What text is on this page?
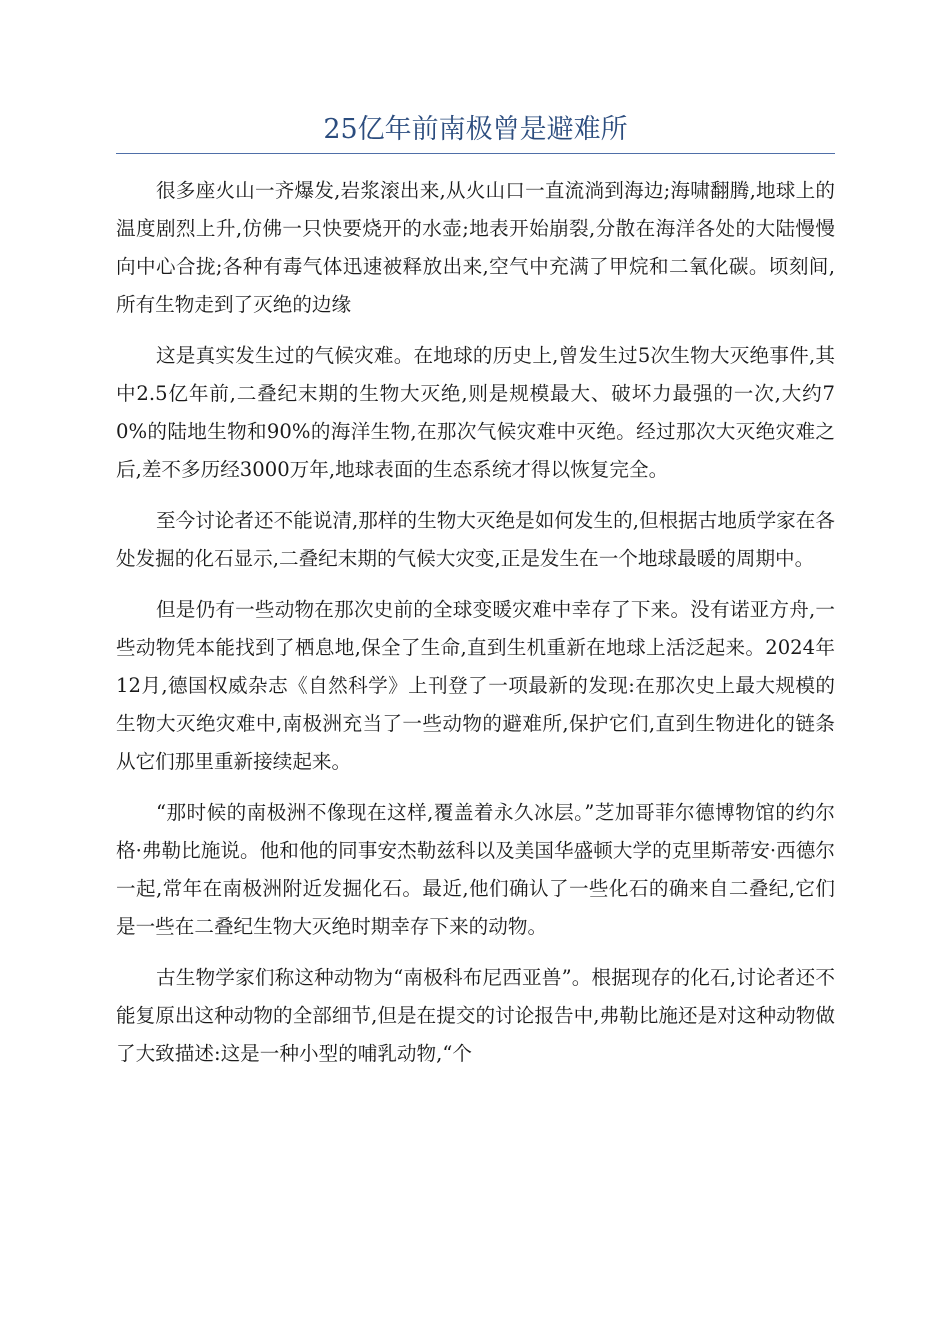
25亿年前南极曾是避难所

很多座火山一齐爆发,岩浆滚出来,从火山口一直流淌到海边;海啸翻腾,地球上的温度剧烈上升,仿佛一只快要烧开的水壶;地表开始崩裂,分散在海洋各处的大陆慢慢向中心合拢;各种有毒气体迅速被释放出来,空气中充满了甲烷和二氧化碳。顷刻间,所有生物走到了灭绝的边缘

这是真实发生过的气候灾难。在地球的历史上,曾发生过5次生物大灭绝事件,其中2.5亿年前,二叠纪末期的生物大灭绝,则是规模最大、破坏力最强的一次,大约70%的陆地生物和90%的海洋生物,在那次气候灾难中灭绝。经过那次大灭绝灾难之后,差不多历经3000万年,地球表面的生态系统才得以恢复完全。

至今讨论者还不能说清,那样的生物大灭绝是如何发生的,但根据古地质学家在各处发掘的化石显示,二叠纪末期的气候大灾变,正是发生在一个地球最暖的周期中。

但是仍有一些动物在那次史前的全球变暖灾难中幸存了下来。没有诺亚方舟,一些动物凭本能找到了栖息地,保全了生命,直到生机重新在地球上活泛起来。2024年12月,德国权威杂志《自然科学》上刊登了一项最新的发现:在那次史上最大规模的生物大灭绝灾难中,南极洲充当了一些动物的避难所,保护它们,直到生物进化的链条从它们那里重新接续起来。

“那时候的南极洲不像现在这样,覆盖着永久冰层。”芝加哥菲尔德博物馆的约尔格·弗勒比施说。他和他的同事安杰勒兹科以及美国华盛顿大学的克里斯蒂安·西德尔一起,常年在南极洲附近发掘化石。最近,他们确认了一些化石的确来自二叠纪,它们是一些在二叠纪生物大灭绝时期幸存下来的动物。

古生物学家们称这种动物为“南极科布尼西亚兽”。根据现存的化石,讨论者还不能复原出这种动物的全部细节,但是在提交的讨论报告中,弗勒比施还是对这种动物做了大致描述:这是一种小型的哺乳动物,“个
